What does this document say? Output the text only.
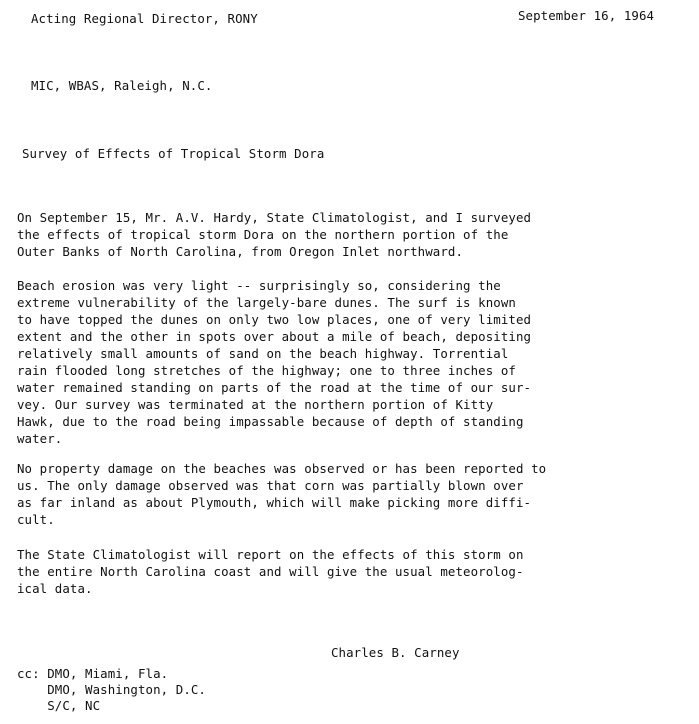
Acting Regional Director, RONY	September 16, 1964
MIC, WBAS, Raleigh, N.C.
Survey of Effects of Tropical Storm Dora
On September 15, Mr. A.V. Hardy, State Climatologist, and I surveyed
the effects of tropical storm Dora on the northern portion of the
Outer Banks of North Carolina, from Oregon Inlet northward.
Beach erosion was very light -- surprisingly so, considering the
extreme vulnerability of the largely-bare dunes. The surf is known
to have topped the dunes on only two low places, one of very limited
extent and the other in spots over about a mile of beach, depositing
relatively small amounts of sand on the beach highway. Torrential
rain flooded long stretches of the highway; one to three inches of
water remained standing on parts of the road at the time of our sur-
vey. Our survey was terminated at the northern portion of Kitty
Hawk, due to the road being impassable because of depth of standing
water.
No property damage on the beaches was observed or has been reported to
us. The only damage observed was that corn was partially blown over
as far inland as about Plymouth, which will make picking more diffi-
cult.
The State Climatologist will report on the effects of this storm on
the entire North Carolina coast and will give the usual meteorolog-
ical data.
Charles B. Carney
cc: DMO, Miami, Fla.
DMO, Washington, D.C.
S/C, NC
